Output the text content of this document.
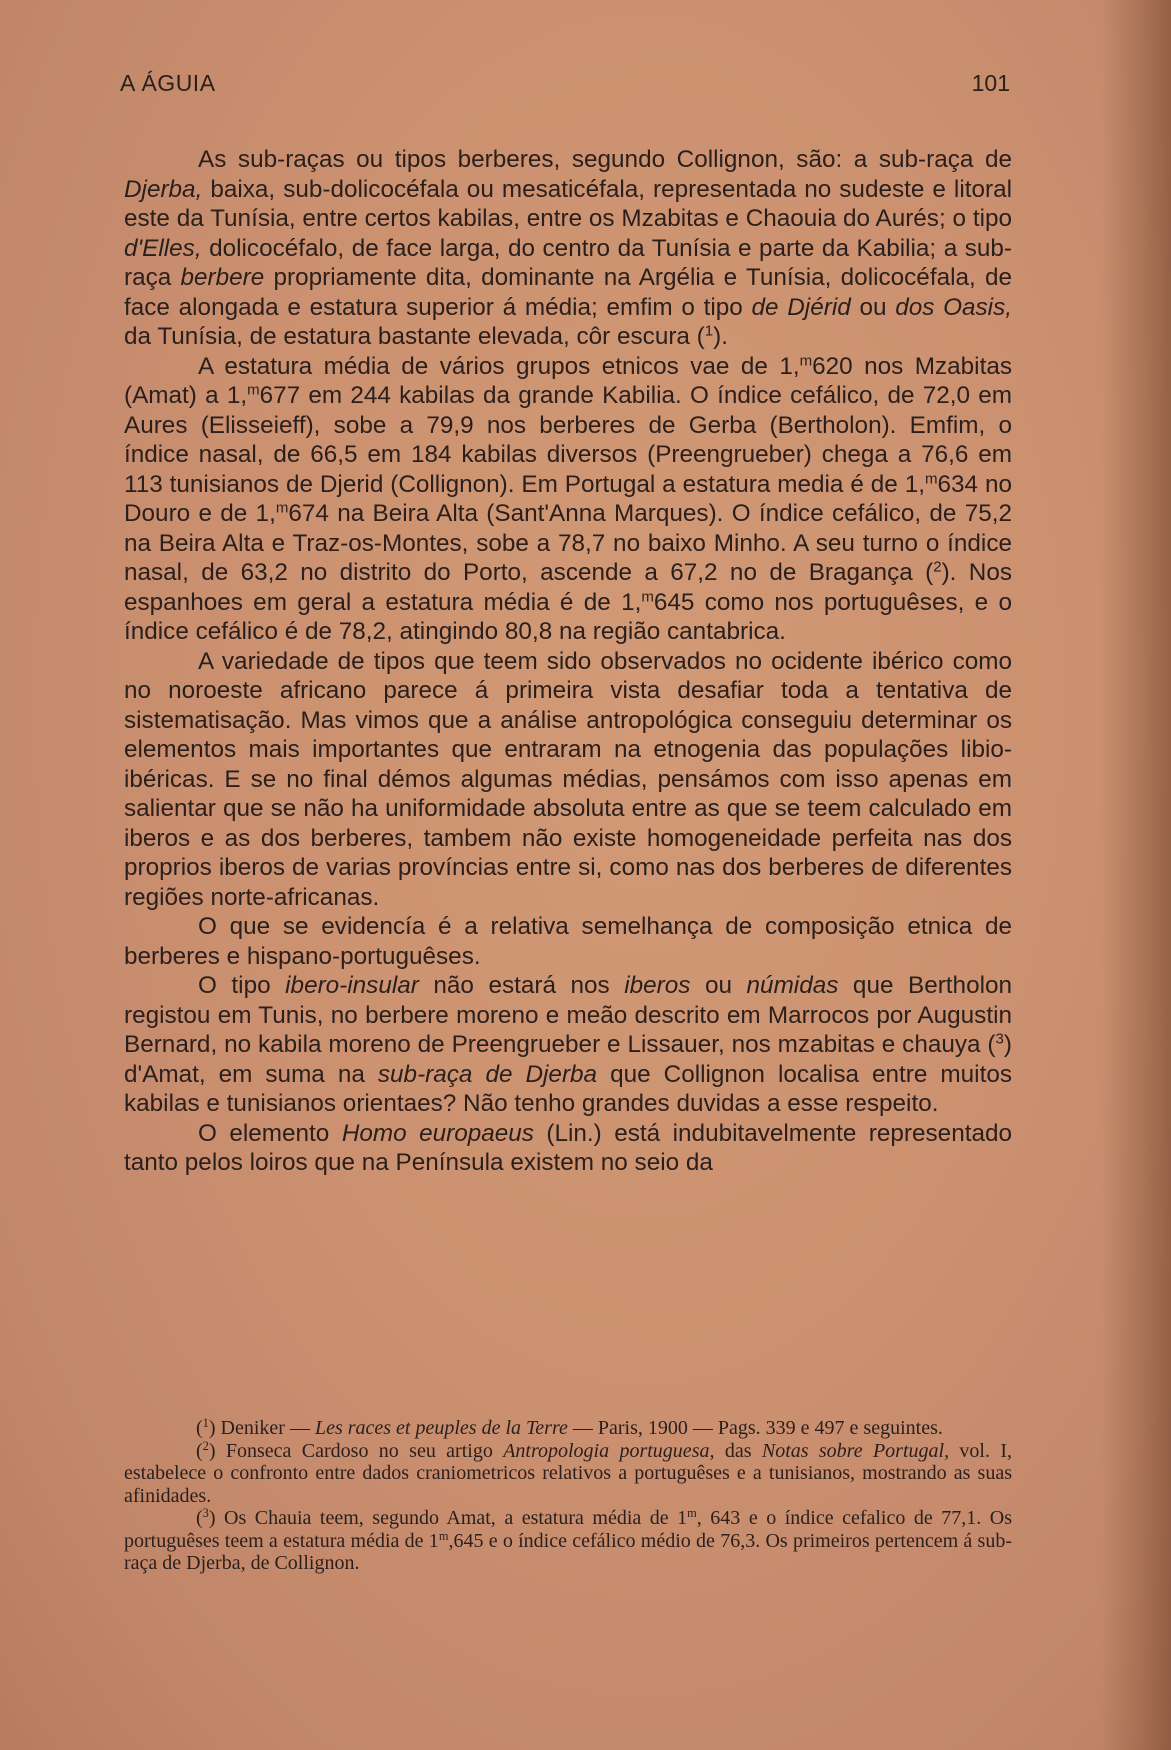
A ÁGUIA	101

As sub-raças ou tipos berberes, segundo Collignon, são: a sub-raça de Djerba, baixa, sub-dolicocéfala ou mesaticéfala, representada no sudeste e litoral este da Tunísia, entre certos kabilas, entre os Mzabitas e Chaouia do Aurés; o tipo d'Elles, dolicocéfalo, de face larga, do centro da Tunísia e parte da Kabilia; a sub-raça berbere propriamente dita, dominante na Argélia e Tunísia, dolicocéfala, de face alongada e estatura superior á média; emfim o tipo de Djérid ou dos Oasis, da Tunísia, de estatura bastante elevada, côr escura ($^1$).

A estatura média de vários grupos etnicos vae de 1,$^m$620 nos Mzabitas (Amat) a 1,$^m$677 em 244 kabilas da grande Kabilia. O índice cefálico, de 72,0 em Aures (Elisseieff), sobe a 79,9 nos berberes de Gerba (Bertholon). Emfim, o índice nasal, de 66,5 em 184 kabilas diversos (Preengrueber) chega a 76,6 em 113 tunisianos de Djerid (Collignon). Em Portugal a estatura media é de 1,$^m$634 no Douro e de 1,$^m$674 na Beira Alta (Sant'Anna Marques). O índice cefálico, de 75,2 na Beira Alta e Traz-os-Montes, sobe a 78,7 no baixo Minho. A seu turno o índice nasal, de 63,2 no distrito do Porto, ascende a 67,2 no de Bragança ($^2$). Nos espanhoes em geral a estatura média é de 1,$^m$645 como nos portuguêses, e o índice cefálico é de 78,2, atingindo 80,8 na região cantabrica.

A variedade de tipos que teem sido observados no ocidente ibérico como no noroeste africano parece á primeira vista desafiar toda a tentativa de sistematisação. Mas vimos que a análise antropológica conseguiu determinar os elementos mais importantes que entraram na etnogenia das populações libio-ibéricas. E se no final démos algumas médias, pensámos com isso apenas em salientar que se não ha uniformidade absoluta entre as que se teem calculado em iberos e as dos berberes, tambem não existe homogeneidade perfeita nas dos proprios iberos de varias províncias entre si, como nas dos berberes de diferentes regiões norte-africanas.

O que se evidencía é a relativa semelhança de composição etnica de berberes e hispano-portuguêses.

O tipo ibero-insular não estará nos iberos ou númidas que Bertholon registou em Tunis, no berbere moreno e meão descrito em Marrocos por Augustin Bernard, no kabila moreno de Preengrueber e Lissauer, nos mzabitas e chauya ($^3$) d'Amat, em suma na sub-raça de Djerba que Collignon localisa entre muitos kabilas e tunisianos orientaes? Não tenho grandes duvidas a esse respeito.

O elemento Homo europaeus (Lin.) está indubitavelmente representado tanto pelos loiros que na Península existem no seio da

($^1$) Deniker — Les races et peuples de la Terre — Paris, 1900 — Pags. 339 e 497 e seguintes.

($^2$) Fonseca Cardoso no seu artigo Antropologia portuguesa, das Notas sobre Portugal, vol. I, estabelece o confronto entre dados craniometricos relativos a portuguêses e a tunisianos, mostrando as suas afinidades.

($^3$) Os Chauia teem, segundo Amat, a estatura média de 1$^m$, 643 e o índice cefalico de 77,1. Os portuguêses teem a estatura média de 1$^m$,645 e o índice cefálico médio de 76,3. Os primeiros pertencem á sub-raça de Djerba, de Collignon.
